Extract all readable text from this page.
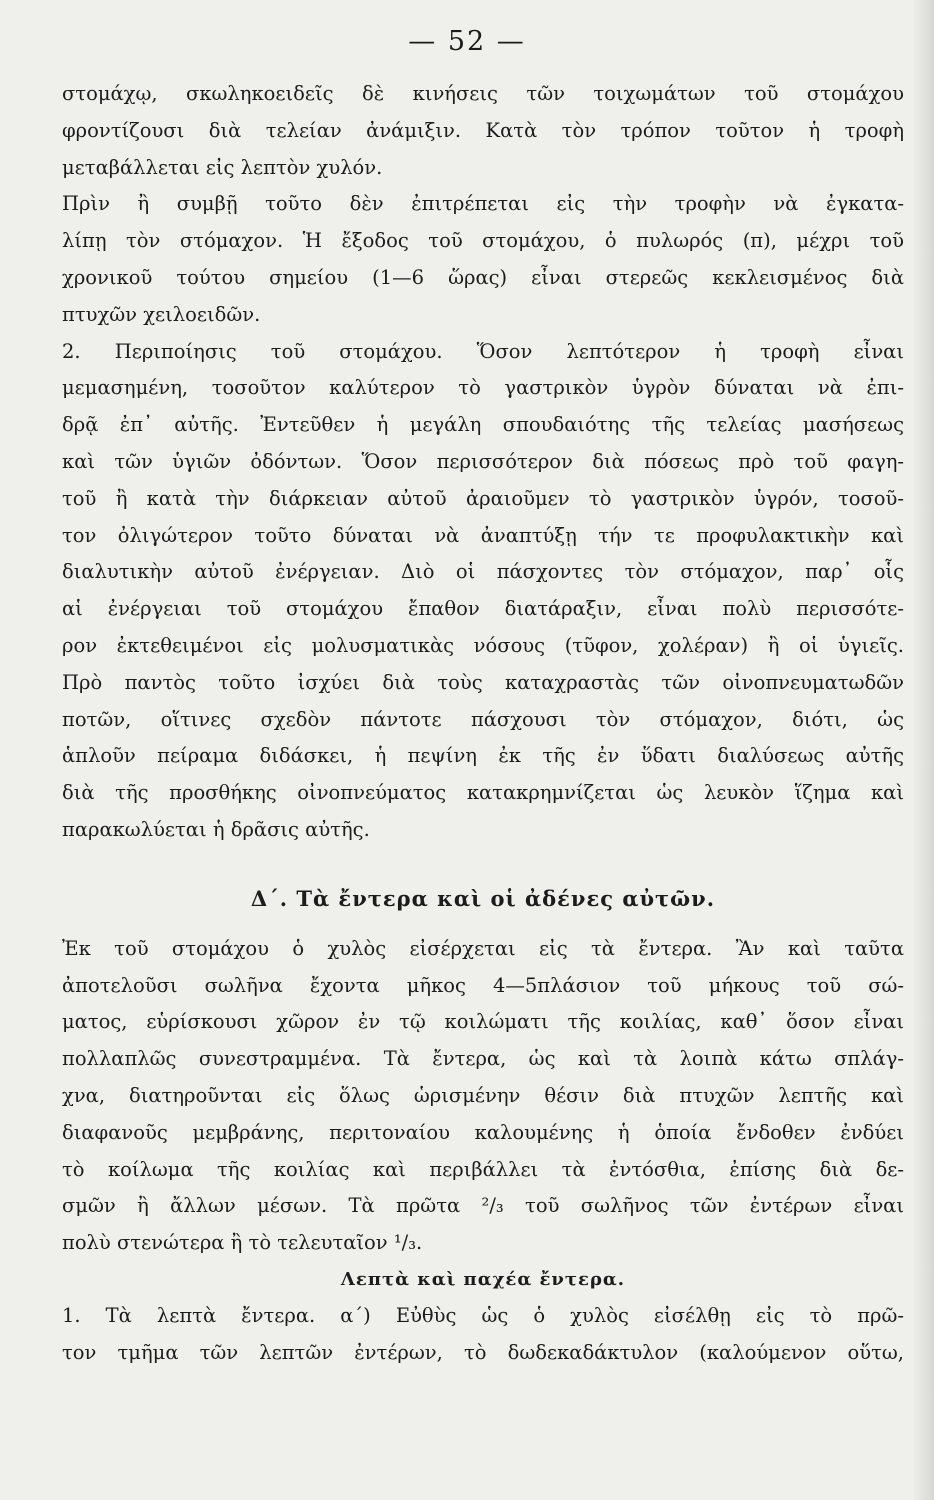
— 52 —
στομάχῳ, σκωληκοειδεῖς δὲ κινήσεις τῶν τοιχωμάτων τοῦ στομάχου
φροντίζουσι διὰ τελείαν ἀνάμιξιν. Κατὰ τὸν τρόπον τοῦτον ἡ τροφὴ
μεταβάλλεται εἰς λεπτὸν χυλόν.
Πρὶν ἢ συμβῇ τοῦτο δὲν ἐπιτρέπεται εἰς τὴν τροφὴν νὰ ἐγκατα-
λίπῃ τὸν στόμαχον. Ἡ ἔξοδος τοῦ στομάχου, ὁ πυλωρός (π), μέχρι τοῦ
χρονικοῦ τούτου σημείου (1—6 ὥρας) εἶναι στερεῶς κεκλεισμένος διὰ
πτυχῶν χειλοειδῶν.
2. Περιποίησις τοῦ στομάχου. Ὅσον λεπτότερον ἡ τροφὴ εἶναι
μεμασημένη, τοσοῦτον καλύτερον τὸ γαστρικὸν ὑγρὸν δύναται νὰ ἐπι-
δρᾷ ἐπ᾽ αὐτῆς. Ἐντεῦθεν ἡ μεγάλη σπουδαιότης τῆς τελείας μασήσεως
καὶ τῶν ὑγιῶν ὀδόντων. Ὅσον περισσότερον διὰ πόσεως πρὸ τοῦ φαγη-
τοῦ ἢ κατὰ τὴν διάρκειαν αὐτοῦ ἀραιοῦμεν τὸ γαστρικὸν ὑγρόν, τοσοῦ-
τον ὀλιγώτερον τοῦτο δύναται νὰ ἀναπτύξῃ τήν τε προφυλακτικὴν καὶ
διαλυτικὴν αὐτοῦ ἐνέργειαν. Διὸ οἱ πάσχοντες τὸν στόμαχον, παρ᾽ οἷς
αἱ ἐνέργειαι τοῦ στομάχου ἔπαθον διατάραξιν, εἶναι πολὺ περισσότε-
ρον ἐκτεθειμένοι εἰς μολυσματικὰς νόσους (τῦφον, χολέραν) ἢ οἱ ὑγιεῖς.
Πρὸ παντὸς τοῦτο ἰσχύει διὰ τοὺς καταχραστὰς τῶν οἰνοπνευματωδῶν
ποτῶν, οἵτινες σχεδὸν πάντοτε πάσχουσι τὸν στόμαχον, διότι, ὡς
ἁπλοῦν πείραμα διδάσκει, ἡ πεψίνη ἐκ τῆς ἐν ὕδατι διαλύσεως αὐτῆς
διὰ τῆς προσθήκης οἰνοπνεύματος κατακρημνίζεται ὡς λευκὸν ἵζημα καὶ
παρακωλύεται ἡ δρᾶσις αὐτῆς.
Δ΄. Τὰ ἔντερα καὶ οἱ ἀδένες αὐτῶν.
Ἐκ τοῦ στομάχου ὁ χυλὸς εἰσέρχεται εἰς τὰ ἔντερα. Ἂν καὶ ταῦτα
ἀποτελοῦσι σωλῆνα ἔχοντα μῆκος 4—5πλάσιον τοῦ μήκους τοῦ σώ-
ματος, εὑρίσκουσι χῶρον ἐν τῷ κοιλώματι τῆς κοιλίας, καθ᾽ ὅσον εἶναι
πολλαπλῶς συνεστραμμένα. Τὰ ἔντερα, ὡς καὶ τὰ λοιπὰ κάτω σπλάγ-
χνα, διατηροῦνται εἰς ὅλως ὡρισμένην θέσιν διὰ πτυχῶν λεπτῆς καὶ
διαφανοῦς μεμβράνης, περιτοναίου καλουμένης ἡ ὁποία ἔνδοθεν ἐνδύει
τὸ κοίλωμα τῆς κοιλίας καὶ περιβάλλει τὰ ἐντόσθια, ἐπίσης διὰ δε-
σμῶν ἢ ἄλλων μέσων. Τὰ πρῶτα ²/₃ τοῦ σωλῆνος τῶν ἐντέρων εἶναι
πολὺ στενώτερα ἢ τὸ τελευταῖον ¹/₃.
Λεπτὰ καὶ παχέα ἔντερα.
1. Τὰ λεπτὰ ἔντερα. α΄) Εὐθὺς ὡς ὁ χυλὸς εἰσέλθῃ εἰς τὸ πρῶ-
τον τμῆμα τῶν λεπτῶν ἐντέρων, τὸ δωδεκαδάκτυλον (καλούμενον οὕτω,
